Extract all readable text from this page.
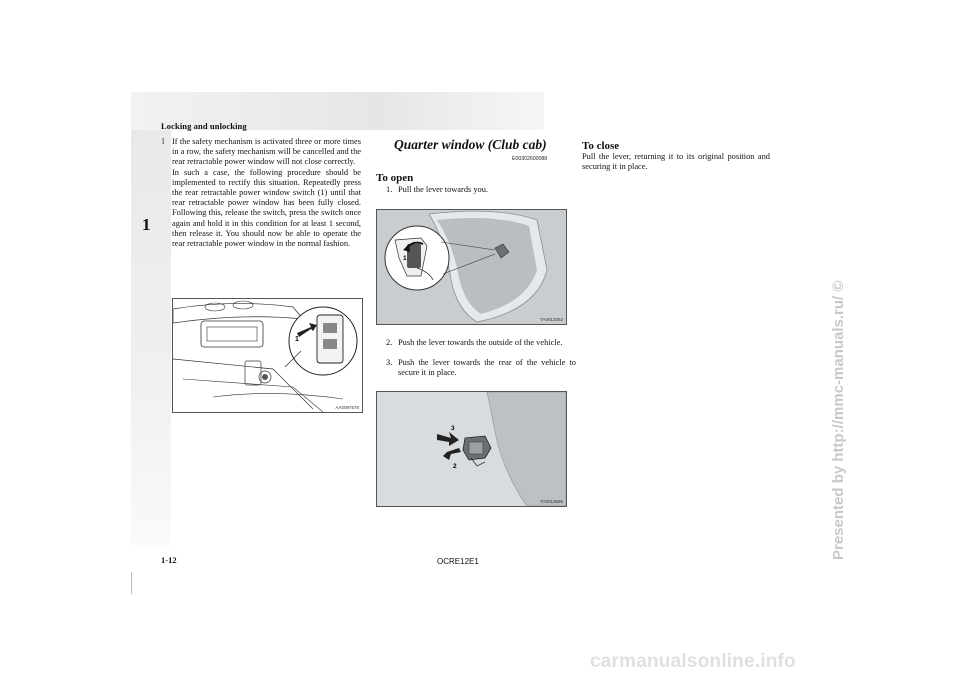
Locking and unlocking
1
l If the safety mechanism is activated three or more times in a row, the safety mechanism will be cancelled and the rear retractable power window will not close correctly.

In such a case, the following procedure should be implemented to rectify this situation. Repeatedly press the rear retractable power window switch (1) until that rear retractable power window has been fully closed. Following this, release the switch, press the switch once again and hold it in this condition for at least 1 second, then release it. You should now be able to operate the rear retractable power window in the normal fashion.

1
AA0097578
Quarter window (Club cab)
E00302600088
To open
1. Pull the lever towards you.
1
TA0013052
2. Push the lever towards the outside of the vehicle.
3. Push the lever towards the rear of the vehicle to secure it in place.
3
2
TA0013665
To close
Pull the lever, returning it to its original position and securing it in place.
1-12	OCRE12E1
Presented by http://mmc-manuals.ru/ ©
carmanualsonline.info
